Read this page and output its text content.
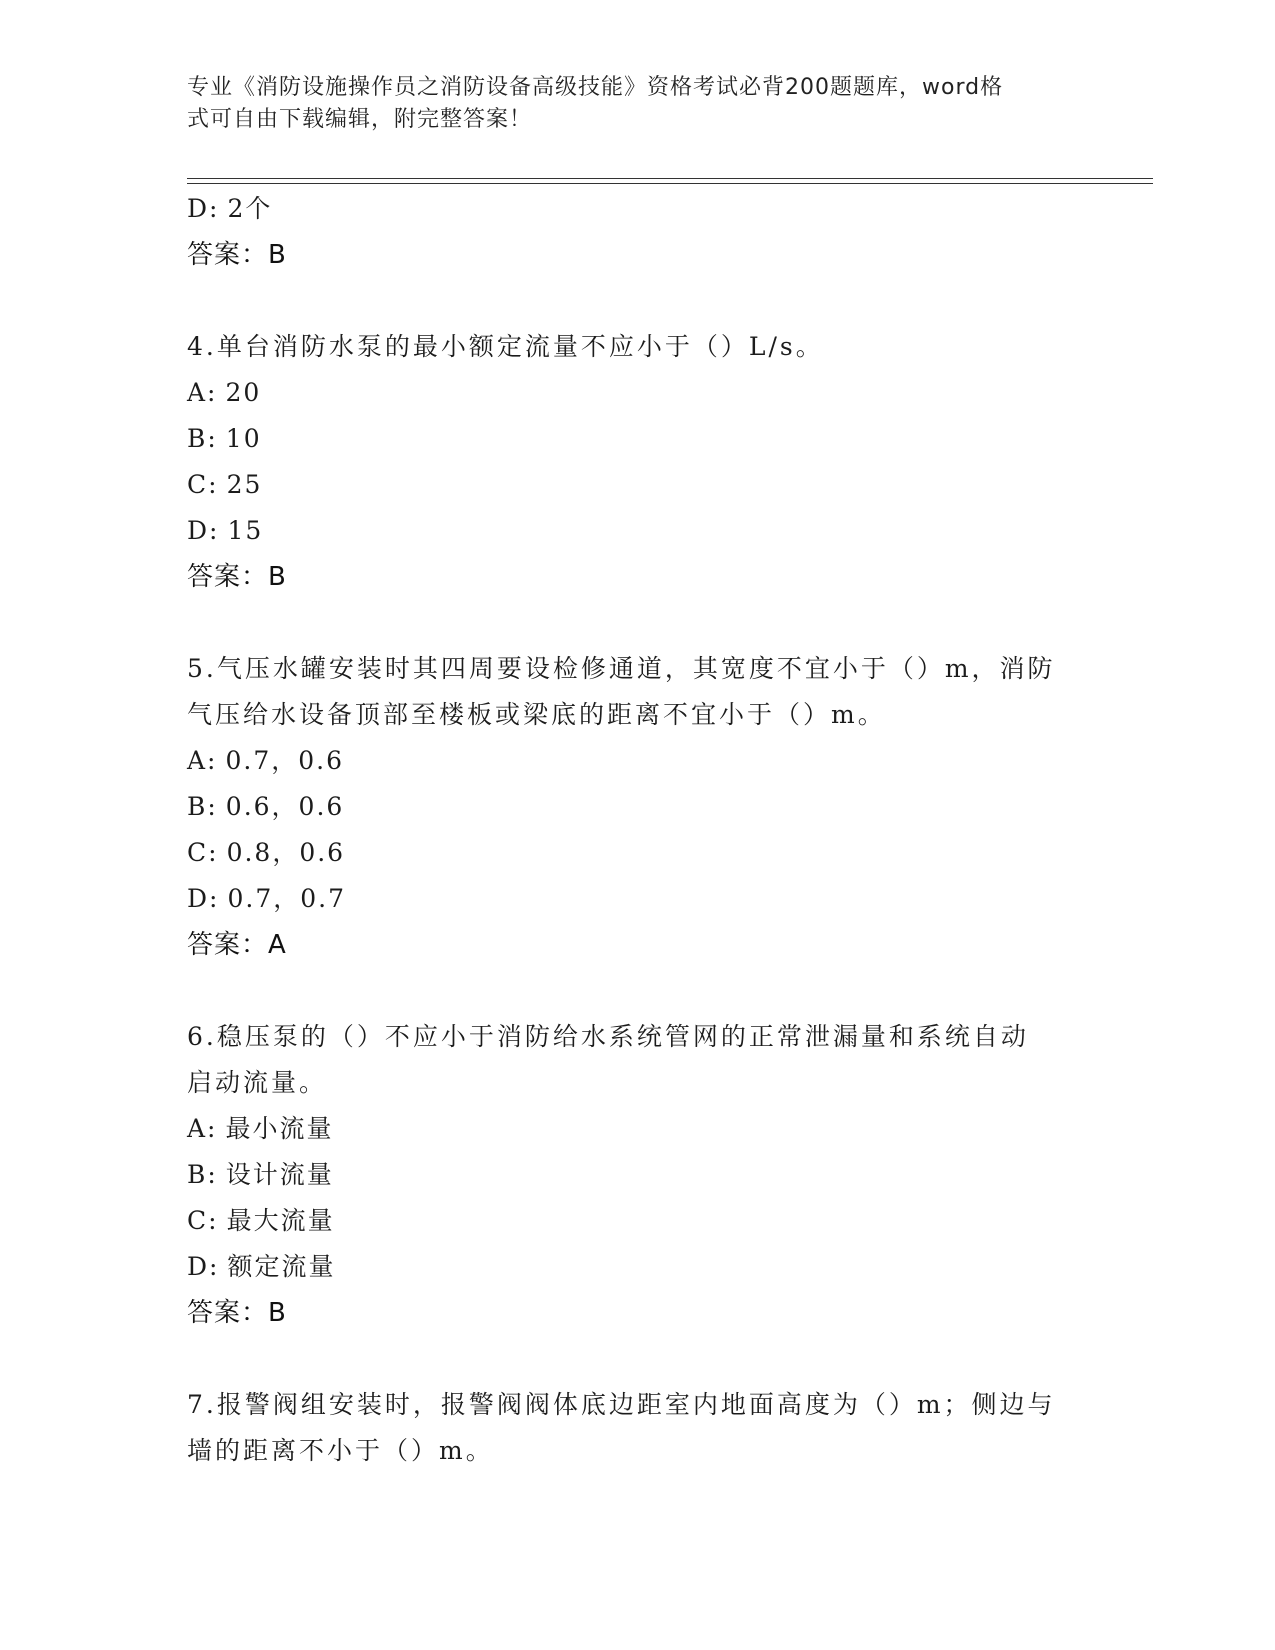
专业《消防设施操作员之消防设备高级技能》资格考试必背200题题库，word格
式可自由下载编辑，附完整答案！
D: 2个
答案：B
4.单台消防水泵的最小额定流量不应小于（）L/s。
A: 20
B: 10
C: 25
D: 15
答案：B
5.气压水罐安装时其四周要设检修通道，其宽度不宜小于（）m，消防
气压给水设备顶部至楼板或梁底的距离不宜小于（）m。
A: 0.7，0.6
B: 0.6，0.6
C: 0.8，0.6
D: 0.7，0.7
答案：A
6.稳压泵的（）不应小于消防给水系统管网的正常泄漏量和系统自动
启动流量。
A: 最小流量
B: 设计流量
C: 最大流量
D: 额定流量
答案：B
7.报警阀组安装时，报警阀阀体底边距室内地面高度为（）m；侧边与
墙的距离不小于（）m。
